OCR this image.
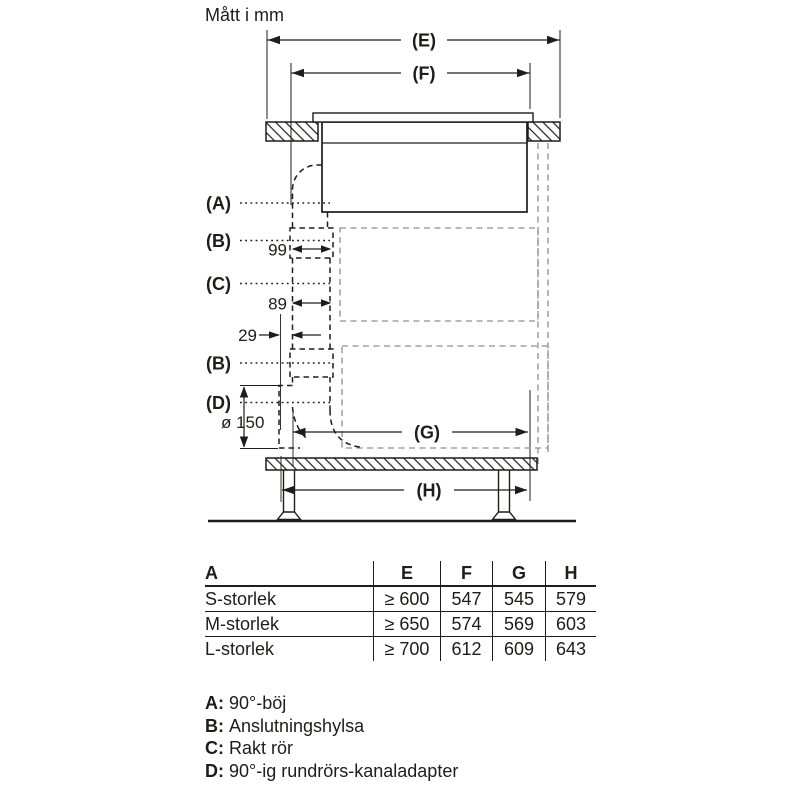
Mått i mm
(E)
(F)
(A)
(B)
(C)
(B)
(D)
99
89
29
ø 150	(G)
(H)
A	E	F	G	H
S-storlek	≥ 600	547	545	579
M-storlek	≥ 650	574	569	603
L-storlek	≥ 700	612	609	643
A: 90°-böj
B: Anslutningshylsa
C: Rakt rör
D: 90°-ig rundrörs-kanaladapter
